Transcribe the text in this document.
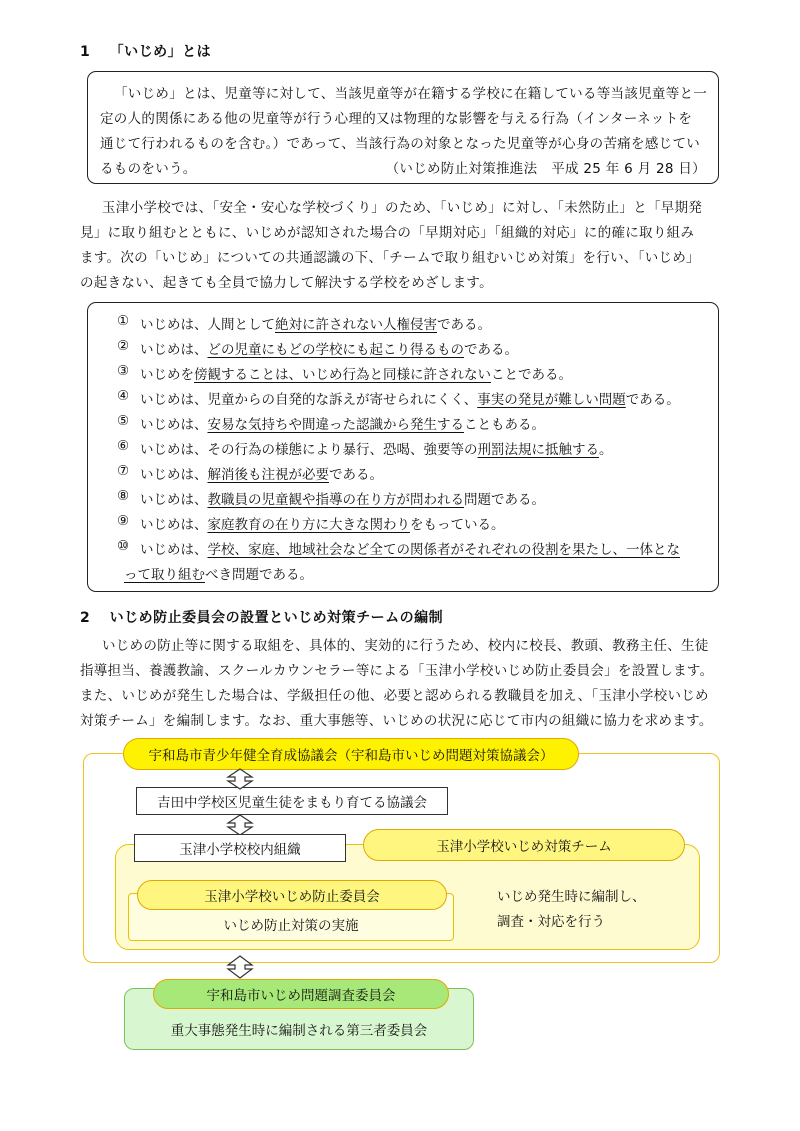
1 「いじめ」とは
「いじめ」とは、児童等に対して、当該児童等が在籍する学校に在籍している等当該児童等と一
定の人的関係にある他の児童等が行う心理的又は物理的な影響を与える行為（インターネットを
通じて行われるものを含む。）であって、当該行為の対象となった児童等が心身の苦痛を感じてい
るものをいう。	（いじめ防止対策推進法　平成 25 年 6 月 28 日）
玉津小学校では、「安全・安心な学校づくり」のため、「いじめ」に対し、「未然防止」と「早期発
見」に取り組むとともに、いじめが認知された場合の「早期対応」「組織的対応」に的確に取り組み
ます。次の「いじめ」についての共通認識の下、「チームで取り組むいじめ対策」を行い、「いじめ」
の起きない、起きても全員で協力して解決する学校をめざします。
① いじめは、人間として絶対に許されない人権侵害である。
② いじめは、どの児童にもどの学校にも起こり得るものである。
③ いじめを傍観することは、いじめ行為と同様に許されないことである。
④ いじめは、児童からの自発的な訴えが寄せられにくく、事実の発見が難しい問題である。
⑤ いじめは、安易な気持ちや間違った認識から発生することもある。
⑥ いじめは、その行為の様態により暴行、恐喝、強要等の刑罰法規に抵触する。
⑦ いじめは、解消後も注視が必要である。
⑧ いじめは、教職員の児童観や指導の在り方が問われる問題である。
⑨ いじめは、家庭教育の在り方に大きな関わりをもっている。
⑩ いじめは、学校、家庭、地域社会など全ての関係者がそれぞれの役割を果たし、一体とな
って取り組むべき問題である。
2 いじめ防止委員会の設置といじめ対策チームの編制
いじめの防止等に関する取組を、具体的、実効的に行うため、校内に校長、教頭、教務主任、生徒
指導担当、養護教諭、スクールカウンセラー等による「玉津小学校いじめ防止委員会」を設置します。
また、いじめが発生した場合は、学級担任の他、必要と認められる教職員を加え、「玉津小学校いじめ
対策チーム」を編制します。なお、重大事態等、いじめの状況に応じて市内の組織に協力を求めます。
宇和島市青少年健全育成協議会（宇和島市いじめ問題対策協議会）
吉田中学校区児童生徒をまもり育てる協議会
玉津小学校校内組織	玉津小学校いじめ対策チーム
玉津小学校いじめ防止委員会
いじめ防止対策の実施
いじめ発生時に編制し、
調査・対応を行う
宇和島市いじめ問題調査委員会
重大事態発生時に編制される第三者委員会
